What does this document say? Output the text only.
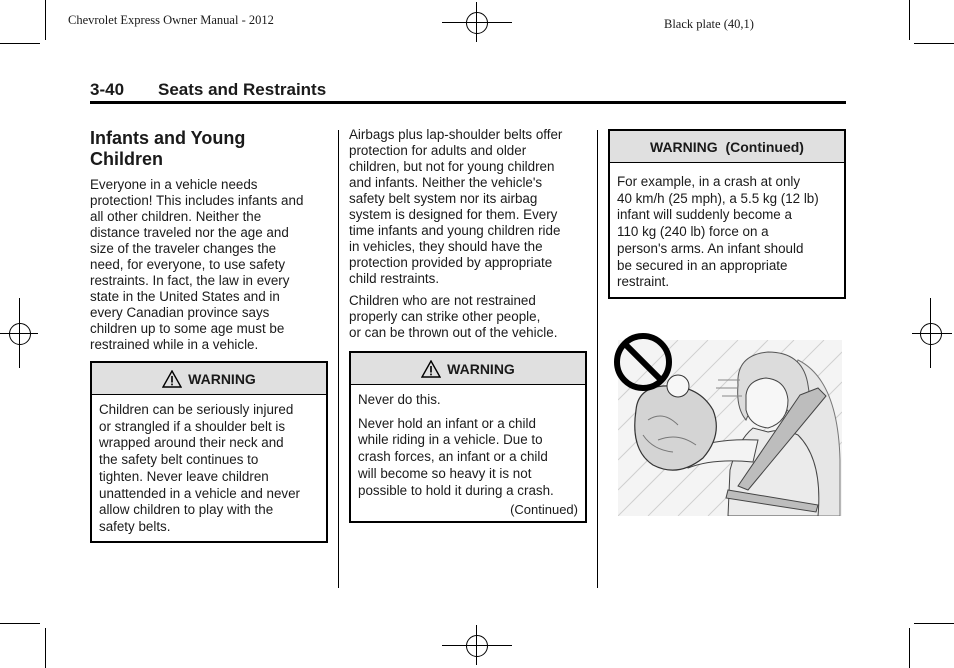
Chevrolet Express Owner Manual - 2012	Black plate (40,1)
3-40 Seats and Restraints
Infants and Young
Children
Everyone in a vehicle needs
protection! This includes infants and
all other children. Neither the
distance traveled nor the age and
size of the traveler changes the
need, for everyone, to use safety
restraints. In fact, the law in every
state in the United States and in
every Canadian province says
children up to some age must be
restrained while in a vehicle.
WARNING
Children can be seriously injured
or strangled if a shoulder belt is
wrapped around their neck and
the safety belt continues to
tighten. Never leave children
unattended in a vehicle and never
allow children to play with the
safety belts.
Airbags plus lap-shoulder belts offer
protection for adults and older
children, but not for young children
and infants. Neither the vehicle's
safety belt system nor its airbag
system is designed for them. Every
time infants and young children ride
in vehicles, they should have the
protection provided by appropriate
child restraints.
Children who are not restrained
properly can strike other people,
or can be thrown out of the vehicle.
WARNING
Never do this.
Never hold an infant or a child
while riding in a vehicle. Due to
crash forces, an infant or a child
will become so heavy it is not
possible to hold it during a crash.
(Continued)
WARNING  (Continued)
For example, in a crash at only
40 km/h (25 mph), a 5.5 kg (12 lb)
infant will suddenly become a
110 kg (240 lb) force on a
person's arms. An infant should
be secured in an appropriate
restraint.
